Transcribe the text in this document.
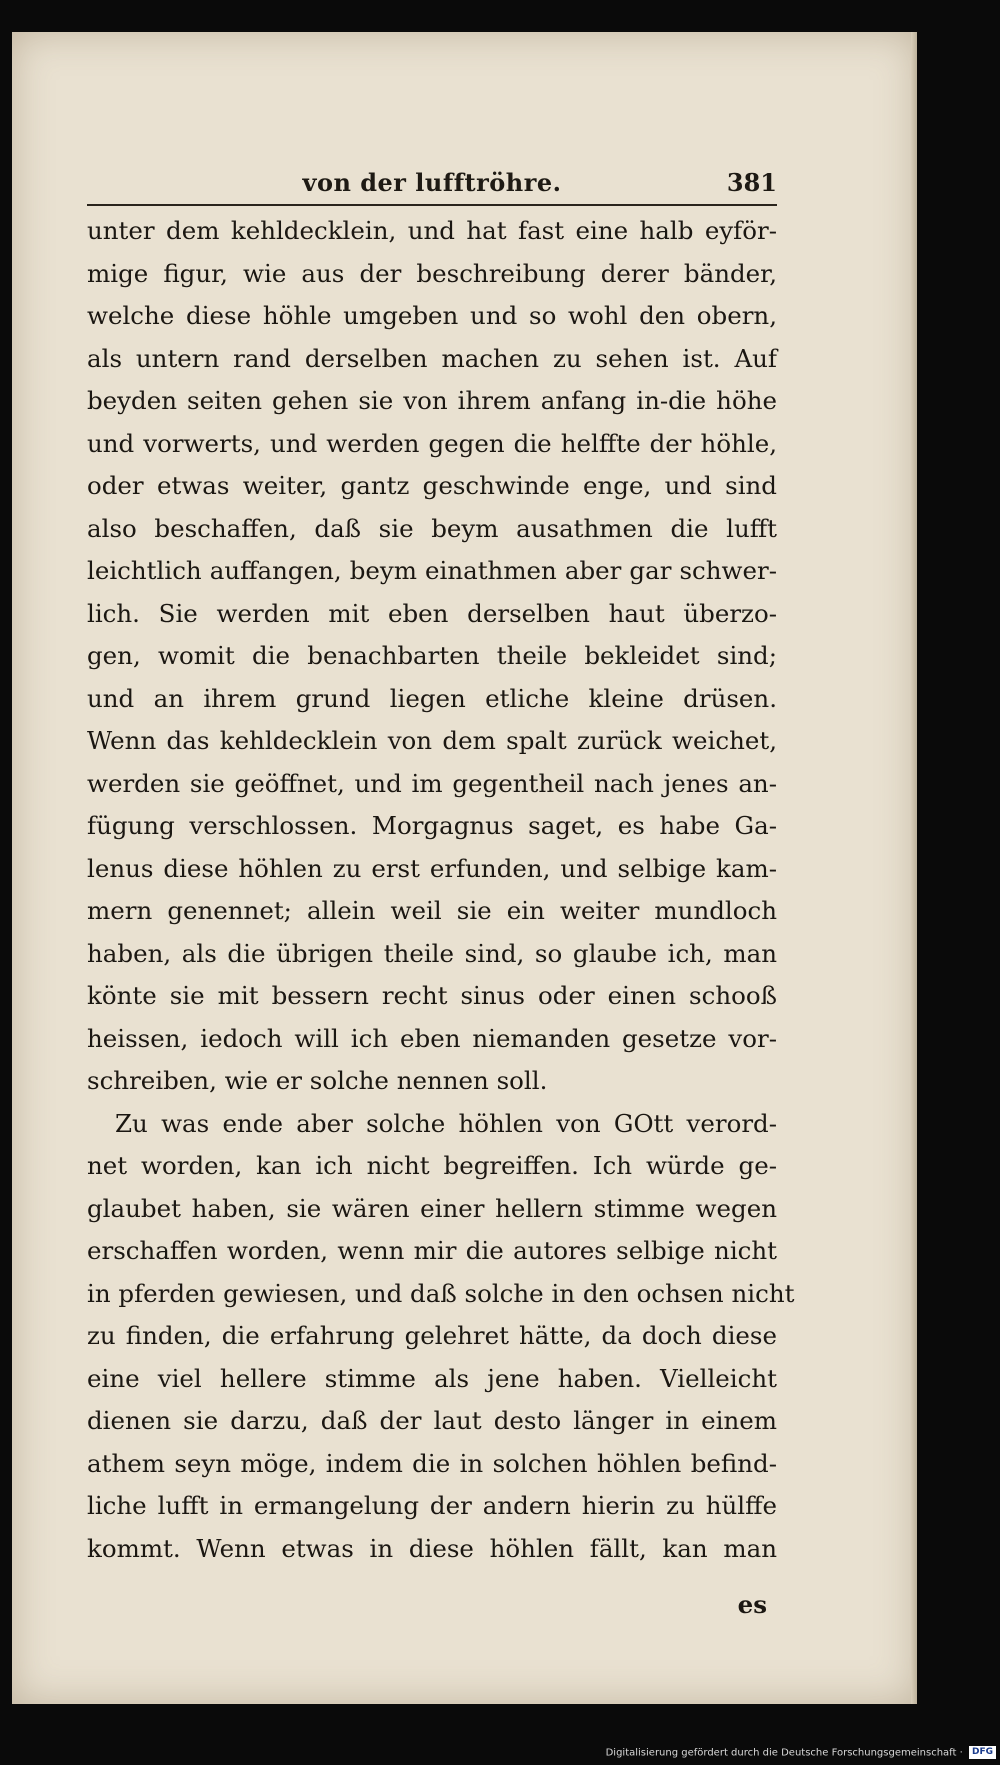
von der lufftröhre.	381
unter dem kehldecklein, und hat fast eine halb eyför-
mige figur, wie aus der beschreibung derer bänder,
welche diese höhle umgeben und so wohl den obern,
als untern rand derselben machen zu sehen ist. Auf
beyden seiten gehen sie von ihrem anfang in-die höhe
und vorwerts, und werden gegen die helffte der höhle,
oder etwas weiter, gantz geschwinde enge, und sind
also beschaffen, daß sie beym ausathmen die lufft
leichtlich auffangen, beym einathmen aber gar schwer-
lich. Sie werden mit eben derselben haut überzo-
gen, womit die benachbarten theile bekleidet sind;
und an ihrem grund liegen etliche kleine drüsen.
Wenn das kehldecklein von dem spalt zurück weichet,
werden sie geöffnet, und im gegentheil nach jenes an-
fügung verschlossen. Morgagnus saget, es habe Ga-
lenus diese höhlen zu erst erfunden, und selbige kam-
mern genennet; allein weil sie ein weiter mundloch
haben, als die übrigen theile sind, so glaube ich, man
könte sie mit bessern recht sinus oder einen schooß
heissen, iedoch will ich eben niemanden gesetze vor-
schreiben, wie er solche nennen soll.
Zu was ende aber solche höhlen von GOtt verord-
net worden, kan ich nicht begreiffen. Ich würde ge-
glaubet haben, sie wären einer hellern stimme wegen
erschaffen worden, wenn mir die autores selbige nicht
in pferden gewiesen, und daß solche in den ochsen nicht
zu finden, die erfahrung gelehret hätte, da doch diese
eine viel hellere stimme als jene haben. Vielleicht
dienen sie darzu, daß der laut desto länger in einem
athem seyn möge, indem die in solchen höhlen befind-
liche lufft in ermangelung der andern hierin zu hülffe
kommt. Wenn etwas in diese höhlen fällt, kan man
es
Digitalisierung gefördert durch die Deutsche Forschungsgemeinschaft · DFG
